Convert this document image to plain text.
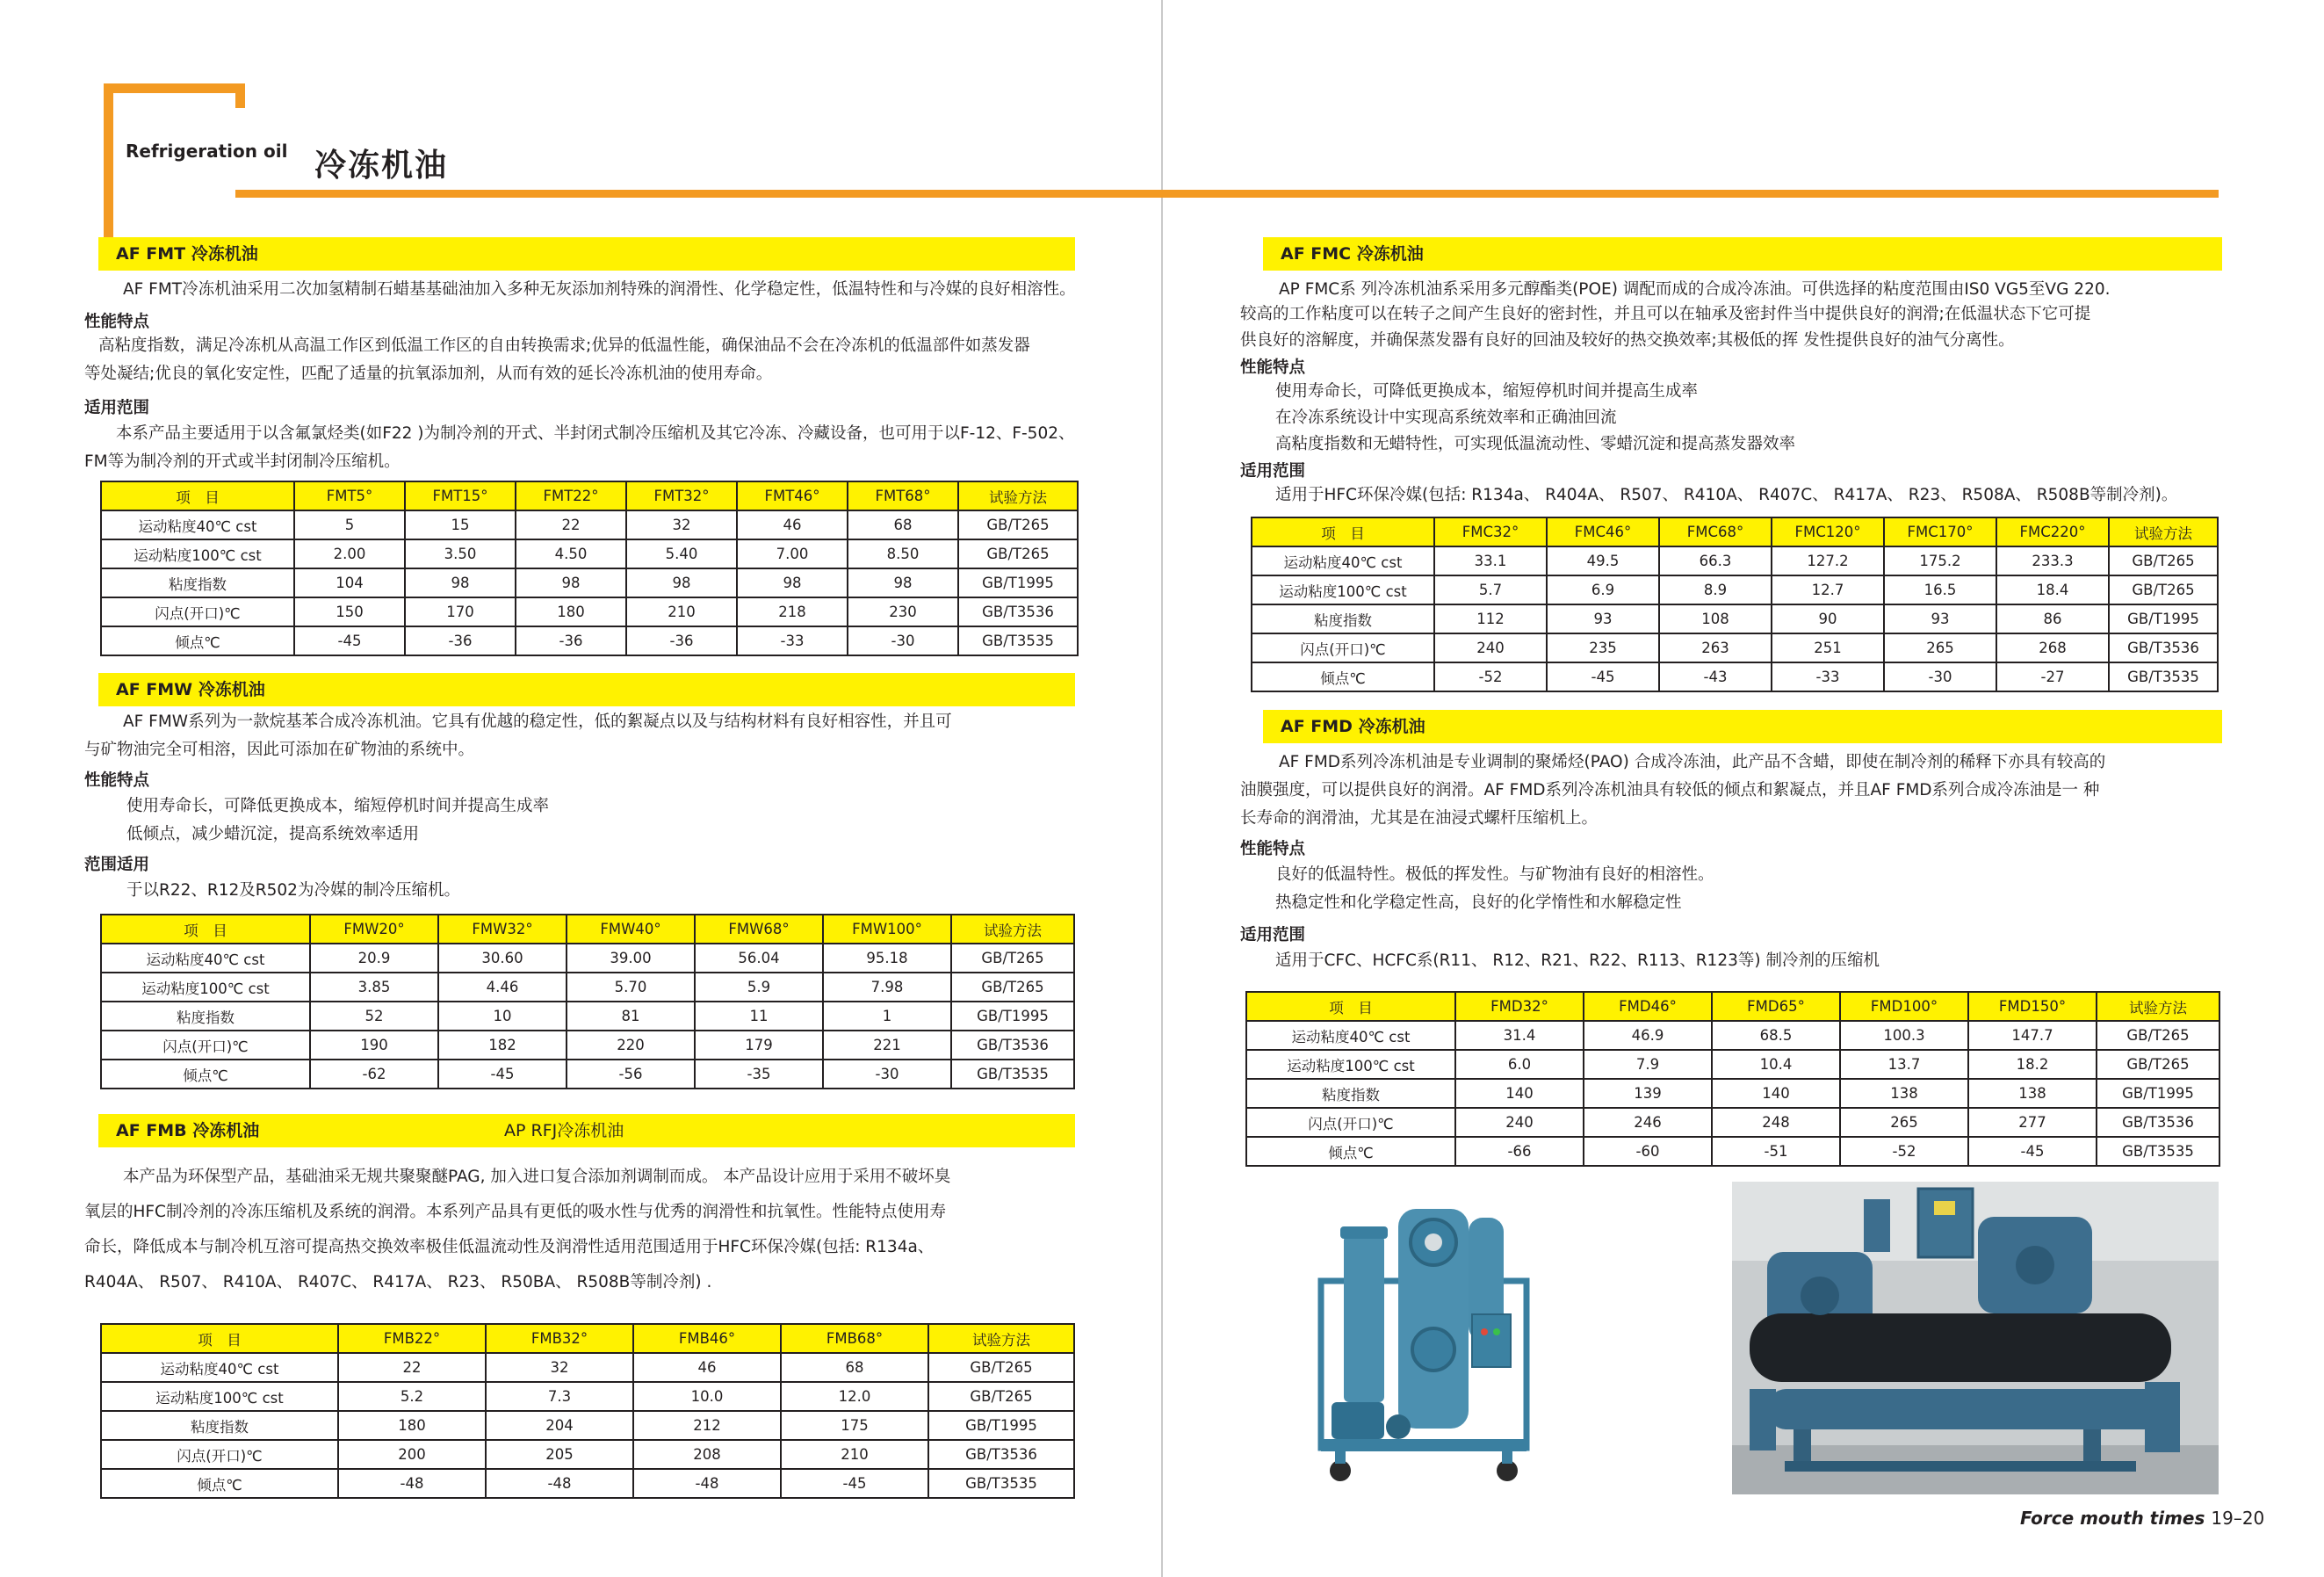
Refrigeration oil 冷冻机油
AF FMT 冷冻机油
AF FMT冷冻机油采用二次加氢精制石蜡基基础油加入多种无灰添加剂特殊的润滑性、化学稳定性，低温特性和与冷媒的良好相溶性。
性能特点
高粘度指数，满足冷冻机从高温工作区到低温工作区的自由转换需求;优异的低温性能，确保油品不会在冷冻机的低温部件如蒸发器
等处凝结;优良的氧化安定性，匹配了适量的抗氧添加剂，从而有效的延长冷冻机油的使用寿命。
适用范围
本系产品主要适用于以含氟氯烃类(如F22 )为制冷剂的开式、半封闭式制冷压缩机及其它冷冻、冷藏设备，也可用于以F-12、F-502、
FM等为制冷剂的开式或半封闭制冷压缩机。
项　目	FMT5°	FMT15°	FMT22°	FMT32°	FMT46°	FMT68°	试验方法
运动粘度40℃ cst	5	15	22	32	46	68	GB/T265
运动粘度100℃ cst	2.00	3.50	4.50	5.40	7.00	8.50	GB/T265
粘度指数	104	98	98	98	98	98	GB/T1995
闪点(开口)℃	150	170	180	210	218	230	GB/T3536
倾点℃	-45	-36	-36	-36	-33	-30	GB/T3535
AF FMW 冷冻机油
AF FMW系列为一款烷基苯合成冷冻机油。它具有优越的稳定性，低的絮凝点以及与结构材料有良好相容性，并且可
与矿物油完全可相溶，因此可添加在矿物油的系统中。
性能特点
使用寿命长，可降低更换成本，缩短停机时间并提高生成率
低倾点，减少蜡沉淀，提高系统效率适用
范围适用
于以R22、R12及R502为冷媒的制冷压缩机。
项　目	FMW20°	FMW32°	FMW40°	FMW68°	FMW100°	试验方法
运动粘度40℃ cst	20.9	30.60	39.00	56.04	95.18	GB/T265
运动粘度100℃ cst	3.85	4.46	5.70	5.9	7.98	GB/T265
粘度指数	52	10	81	11	1	GB/T1995
闪点(开口)℃	190	182	220	179	221	GB/T3536
倾点℃	-62	-45	-56	-35	-30	GB/T3535
AF FMB 冷冻机油	AP RFJ冷冻机油
本产品为环保型产品，基础油采无规共聚聚醚PAG, 加入进口复合添加剂调制而成。 本产品设计应用于采用不破坏臭
氧层的HFC制冷剂的冷冻压缩机及系统的润滑。本系列产品具有更低的吸水性与优秀的润滑性和抗氧性。性能特点使用寿
命长，降低成本与制冷机互溶可提高热交换效率极佳低温流动性及润滑性适用范围适用于HFC环保冷媒(包括: R134a、
R404A、 R507、 R410A、 R407C、 R417A、 R23、 R50BA、 R508B等制冷剂) .
项　目	FMB22°	FMB32°	FMB46°	FMB68°	试验方法
运动粘度40℃ cst	22	32	46	68	GB/T265
运动粘度100℃ cst	5.2	7.3	10.0	12.0	GB/T265
粘度指数	180	204	212	175	GB/T1995
闪点(开口)℃	200	205	208	210	GB/T3536
倾点℃	-48	-48	-48	-45	GB/T3535
AF FMC 冷冻机油
AP FMC系 列冷冻机油系采用多元醇酯类(POE) 调配而成的合成冷冻油。可供选择的粘度范围由IS0 VG5至VG 220.
较高的工作粘度可以在转子之间产生良好的密封性，并且可以在轴承及密封件当中提供良好的润滑;在低温状态下它可提
供良好的溶解度，并确保蒸发器有良好的回油及较好的热交换效率;其极低的挥 发性提供良好的油气分离性。
性能特点
使用寿命长，可降低更换成本，缩短停机时间并提高生成率
在冷冻系统设计中实现高系统效率和正确油回流
高粘度指数和无蜡特性，可实现低温流动性、零蜡沉淀和提高蒸发器效率
适用范围
适用于HFC环保冷媒(包括: R134a、 R404A、 R507、 R410A、 R407C、 R417A、 R23、 R508A、 R508B等制冷剂)。
项　目	FMC32°	FMC46°	FMC68°	FMC120°	FMC170°	FMC220°	试验方法
运动粘度40℃ cst	33.1	49.5	66.3	127.2	175.2	233.3	GB/T265
运动粘度100℃ cst	5.7	6.9	8.9	12.7	16.5	18.4	GB/T265
粘度指数	112	93	108	90	93	86	GB/T1995
闪点(开口)℃	240	235	263	251	265	268	GB/T3536
倾点℃	-52	-45	-43	-33	-30	-27	GB/T3535
AF FMD 冷冻机油
AF FMD系列冷冻机油是专业调制的聚烯烃(PAO) 合成冷冻油，此产品不含蜡，即使在制冷剂的稀释下亦具有较高的
油膜强度，可以提供良好的润滑。AF FMD系列冷冻机油具有较低的倾点和絮凝点，并且AF FMD系列合成冷冻油是一 种
长寿命的润滑油，尤其是在油浸式螺杆压缩机上。
性能特点
良好的低温特性。极低的挥发性。与矿物油有良好的相溶性。
热稳定性和化学稳定性高，良好的化学惰性和水解稳定性
适用范围
适用于CFC、HCFC系(R11、 R12、R21、R22、R113、R123等) 制冷剂的压缩机
项　目	FMD32°	FMD46°	FMD65°	FMD100°	FMD150°	试验方法
运动粘度40℃ cst	31.4	46.9	68.5	100.3	147.7	GB/T265
运动粘度100℃ cst	6.0	7.9	10.4	13.7	18.2	GB/T265
粘度指数	140	139	140	138	138	GB/T1995
闪点(开口)℃	240	246	248	265	277	GB/T3536
倾点℃	-66	-60	-51	-52	-45	GB/T3535
Force mouth times 19–20
